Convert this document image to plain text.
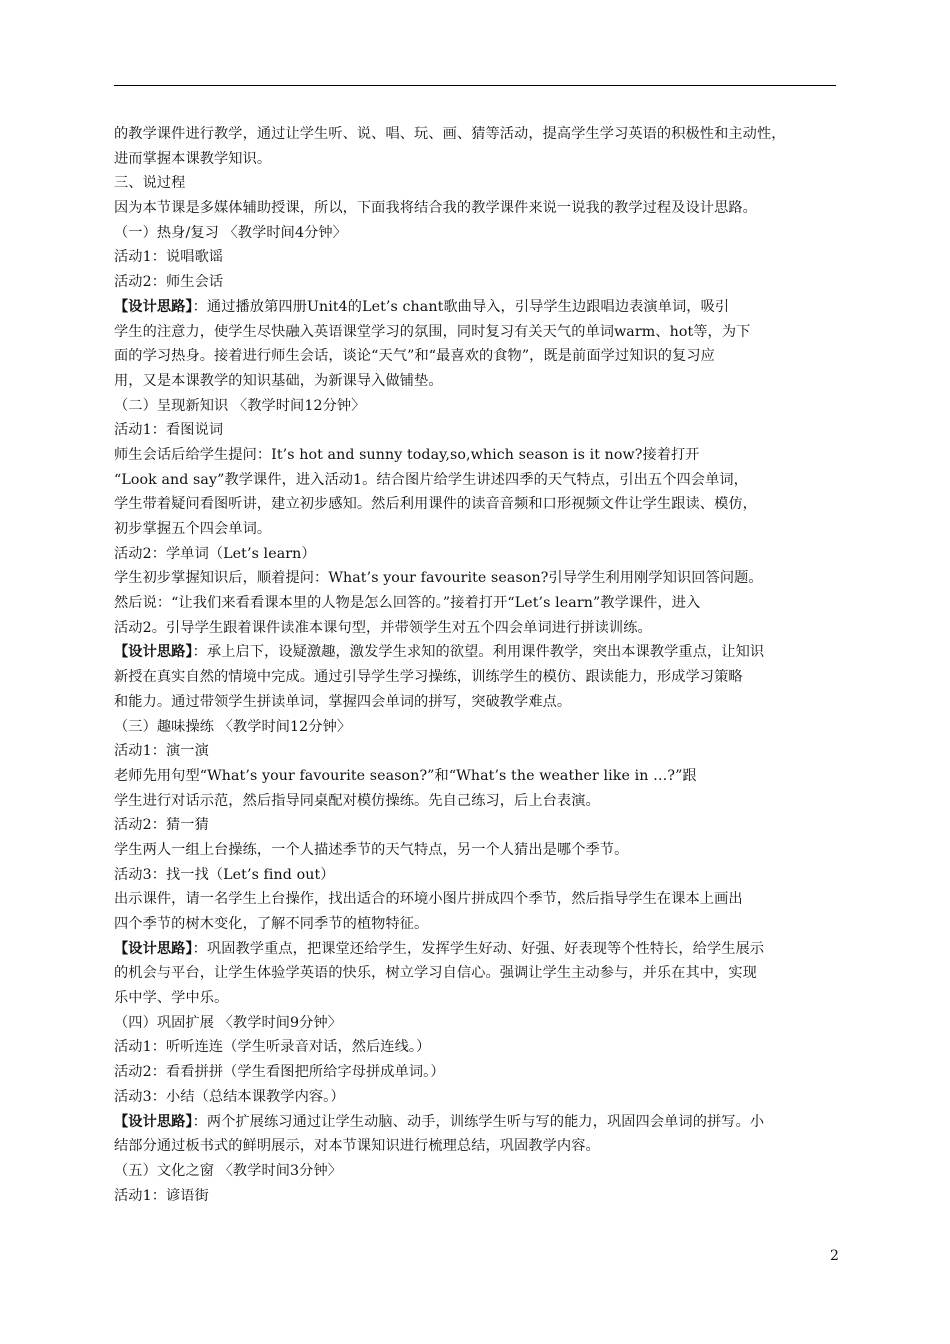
的教学课件进行教学，通过让学生听、说、唱、玩、画、猜等活动，提高学生学习英语的积极性和主动性，
进而掌握本课教学知识。
三、说过程
因为本节课是多媒体辅助授课，所以，下面我将结合我的教学课件来说一说我的教学过程及设计思路。
（一）热身/复习 〈教学时间4分钟〉
活动1：说唱歌谣
活动2：师生会话
【设计思路】：通过播放第四册Unit4的Let’s chant歌曲导入，引导学生边跟唱边表演单词，吸引
学生的注意力，使学生尽快融入英语课堂学习的氛围，同时复习有关天气的单词warm、hot等，为下
面的学习热身。接着进行师生会话，谈论“天气”和“最喜欢的食物”，既是前面学过知识的复习应
用，又是本课教学的知识基础，为新课导入做铺垫。
（二）呈现新知识 〈教学时间12分钟〉
活动1：看图说词
师生会话后给学生提问：It’s hot and sunny today,so,which season is it now?接着打开
“Look and say”教学课件，进入活动1。结合图片给学生讲述四季的天气特点，引出五个四会单词，
学生带着疑问看图听讲，建立初步感知。然后利用课件的读音音频和口形视频文件让学生跟读、模仿，
初步掌握五个四会单词。
活动2：学单词（Let’s learn）
学生初步掌握知识后，顺着提问：What’s your favourite season?引导学生利用刚学知识回答问题。
然后说：“让我们来看看课本里的人物是怎么回答的。”接着打开“Let’s learn”教学课件，进入
活动2。引导学生跟着课件读准本课句型，并带领学生对五个四会单词进行拼读训练。
【设计思路】：承上启下，设疑激趣，激发学生求知的欲望。利用课件教学，突出本课教学重点，让知识
新授在真实自然的情境中完成。通过引导学生学习操练，训练学生的模仿、跟读能力，形成学习策略
和能力。通过带领学生拼读单词，掌握四会单词的拼写，突破教学难点。
（三）趣味操练 〈教学时间12分钟〉
活动1：演一演
老师先用句型“What’s your favourite season?”和“What’s the weather like in …?”跟
学生进行对话示范，然后指导同桌配对模仿操练。先自己练习，后上台表演。
活动2：猜一猜
学生两人一组上台操练，一个人描述季节的天气特点，另一个人猜出是哪个季节。
活动3：找一找（Let’s find out）
出示课件，请一名学生上台操作，找出适合的环境小图片拼成四个季节，然后指导学生在课本上画出
四个季节的树木变化，了解不同季节的植物特征。
【设计思路】：巩固教学重点，把课堂还给学生，发挥学生好动、好强、好表现等个性特长，给学生展示
的机会与平台，让学生体验学英语的快乐，树立学习自信心。强调让学生主动参与，并乐在其中，实现
乐中学、学中乐。
（四）巩固扩展 〈教学时间9分钟〉
活动1：听听连连（学生听录音对话，然后连线。）
活动2：看看拼拼（学生看图把所给字母拼成单词。）
活动3：小结（总结本课教学内容。）
【设计思路】：两个扩展练习通过让学生动脑、动手，训练学生听与写的能力，巩固四会单词的拼写。小
结部分通过板书式的鲜明展示，对本节课知识进行梳理总结，巩固教学内容。
（五）文化之窗 〈教学时间3分钟〉
活动1：谚语街
2
